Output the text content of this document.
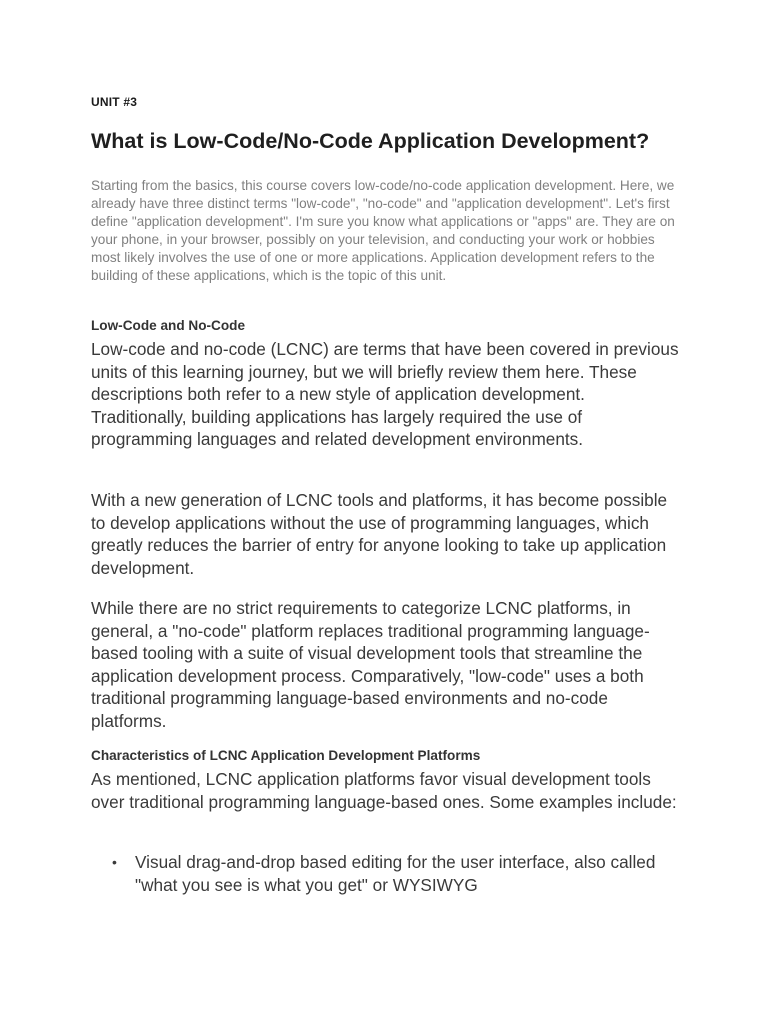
UNIT #3
What is Low-Code/No-Code Application Development?

Starting from the basics, this course covers low-code/no-code application development. Here, we already have three distinct terms "low-code", "no-code" and "application development". Let's first define "application development". I'm sure you know what applications or "apps" are. They are on your phone, in your browser, possibly on your television, and conducting your work or hobbies most likely involves the use of one or more applications. Application development refers to the building of these applications, which is the topic of this unit.

Low-Code and No-Code

Low-code and no-code (LCNC) are terms that have been covered in previous units of this learning journey, but we will briefly review them here. These descriptions both refer to a new style of application development. Traditionally, building applications has largely required the use of programming languages and related development environments.

With a new generation of LCNC tools and platforms, it has become possible to develop applications without the use of programming languages, which greatly reduces the barrier of entry for anyone looking to take up application development.

While there are no strict requirements to categorize LCNC platforms, in general, a "no-code" platform replaces traditional programming language-based tooling with a suite of visual development tools that streamline the application development process. Comparatively, "low-code" uses a both traditional programming language-based environments and no-code platforms.

Characteristics of LCNC Application Development Platforms

As mentioned, LCNC application platforms favor visual development tools over traditional programming language-based ones. Some examples include:

• Visual drag-and-drop based editing for the user interface, also called "what you see is what you get" or WYSIWYG
